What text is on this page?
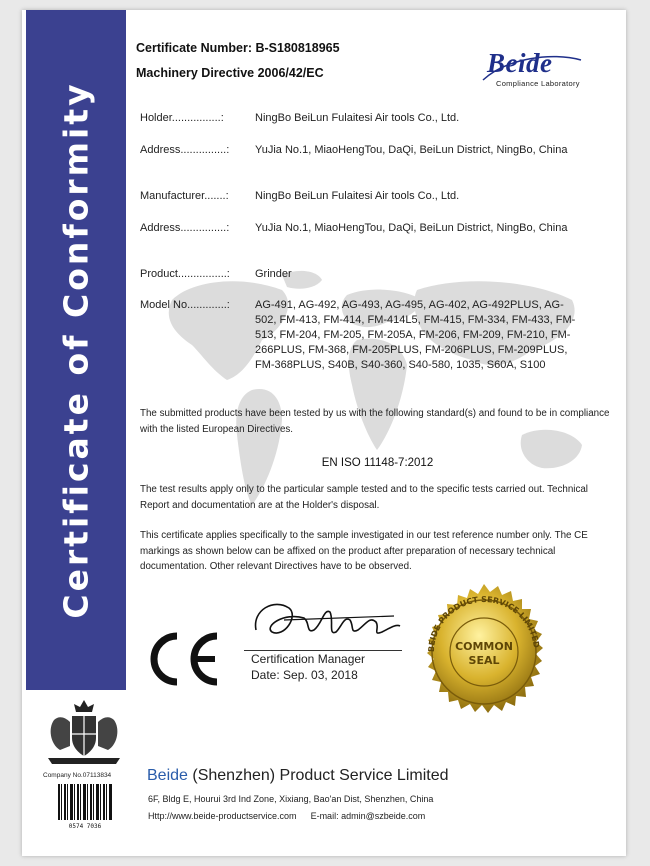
Certificate of Conformity
Certificate Number: B-S180818965
Machinery Directive 2006/42/EC	Beide
Compliance Laboratory
Holder................:	NingBo BeiLun Fulaitesi Air tools Co., Ltd.
Address...............: YuJia No.1, MiaoHengTou, DaQi, BeiLun District, NingBo, China
Manufacturer.......: NingBo BeiLun Fulaitesi Air tools Co., Ltd.
Address...............: YuJia No.1, MiaoHengTou, DaQi, BeiLun District, NingBo, China
Product................: Grinder
Model No.............: AG-491, AG-492, AG-493, AG-495, AG-402, AG-492PLUS, AG-502, FM-413, FM-414, FM-414L5, FM-415, FM-334, FM-433, FM-513, FM-204, FM-205, FM-205A, FM-206, FM-209, FM-210, FM-266PLUS, FM-368, FM-205PLUS, FM-206PLUS, FM-209PLUS, FM-368PLUS, S40B, S40-360, S40-580, 1035, S60A, S100
The submitted products have been tested by us with the following standard(s) and found to be in compliance with the listed European Directives.
EN ISO 11148-7:2012
The test results apply only to the particular sample tested and to the specific tests carried out. Technical Report and documentation are at the Holder's disposal.
This certificate applies specifically to the sample investigated in our test reference number only. The CE markings as shown below can be affixed on the product after preparation of necessary technical documentation. Other relevant Directives have to be observed.
Certification Manager
Date: Sep. 03, 2018
BEIDE PRODUCT SERVICE LIMITED
COMMON
SEAL
Company No.07113834
0574 7036
Beide (Shenzhen) Product Service Limited
6F, Bldg E, Hourui 3rd Ind Zone, Xixiang, Bao'an Dist, Shenzhen, China
Http://www.beide-productservice.com E-mail: admin@szbeide.com
